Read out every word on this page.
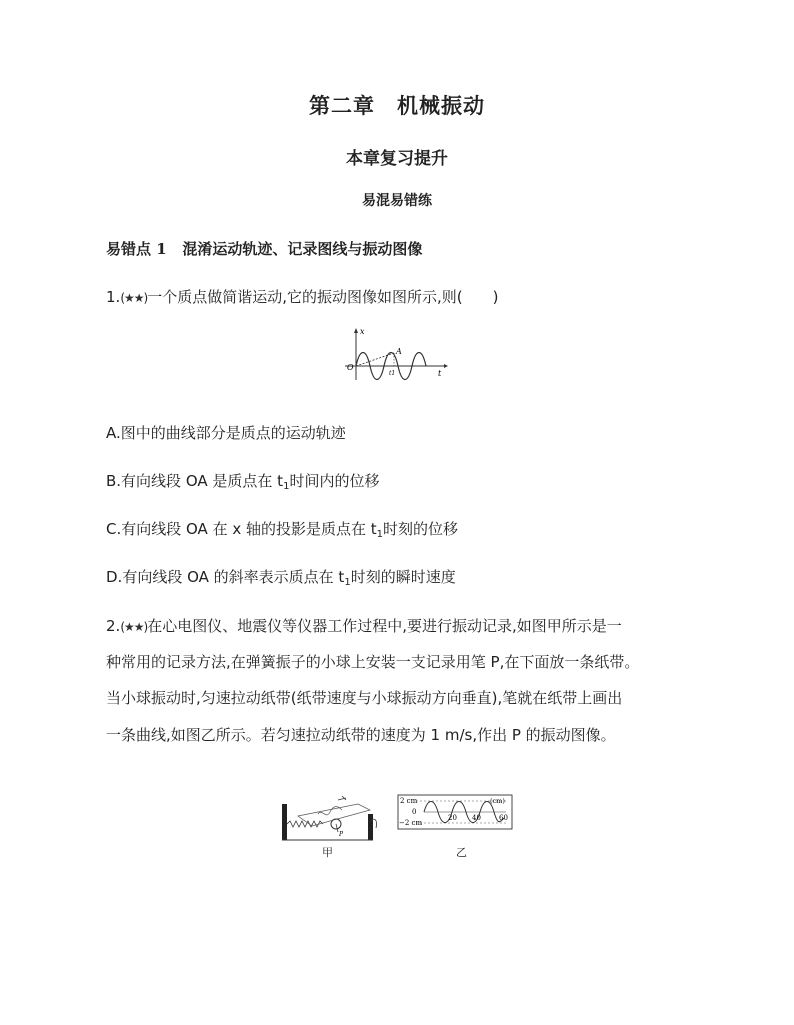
第二章 机械振动
本章复习提升
易混易错练
易错点 1 混淆运动轨迹、记录图线与振动图像
1.(★★)一个质点做简谐运动,它的振动图像如图所示,则(　　)
x
t
O
A
t1
A.图中的曲线部分是质点的运动轨迹
B.有向线段 OA 是质点在 $t_1$时间内的位移
C.有向线段 OA 在 x 轴的投影是质点在 $t_1$时刻的位移
D.有向线段 OA 的斜率表示质点在 $t_1$时刻的瞬时速度
2.(★★)在心电图仪、地震仪等仪器工作过程中,要进行振动记录,如图甲所示是一
种常用的记录方法,在弹簧振子的小球上安装一支记录用笔 P,在下面放一条纸带。
当小球振动时,匀速拉动纸带(纸带速度与小球振动方向垂直),笔就在纸带上画出
一条曲线,如图乙所示。若匀速拉动纸带的速度为 1 m/s,作出 P 的振动图像。
P
甲
2 cm
0
−2 cm
(cm)
20 40	60
乙
